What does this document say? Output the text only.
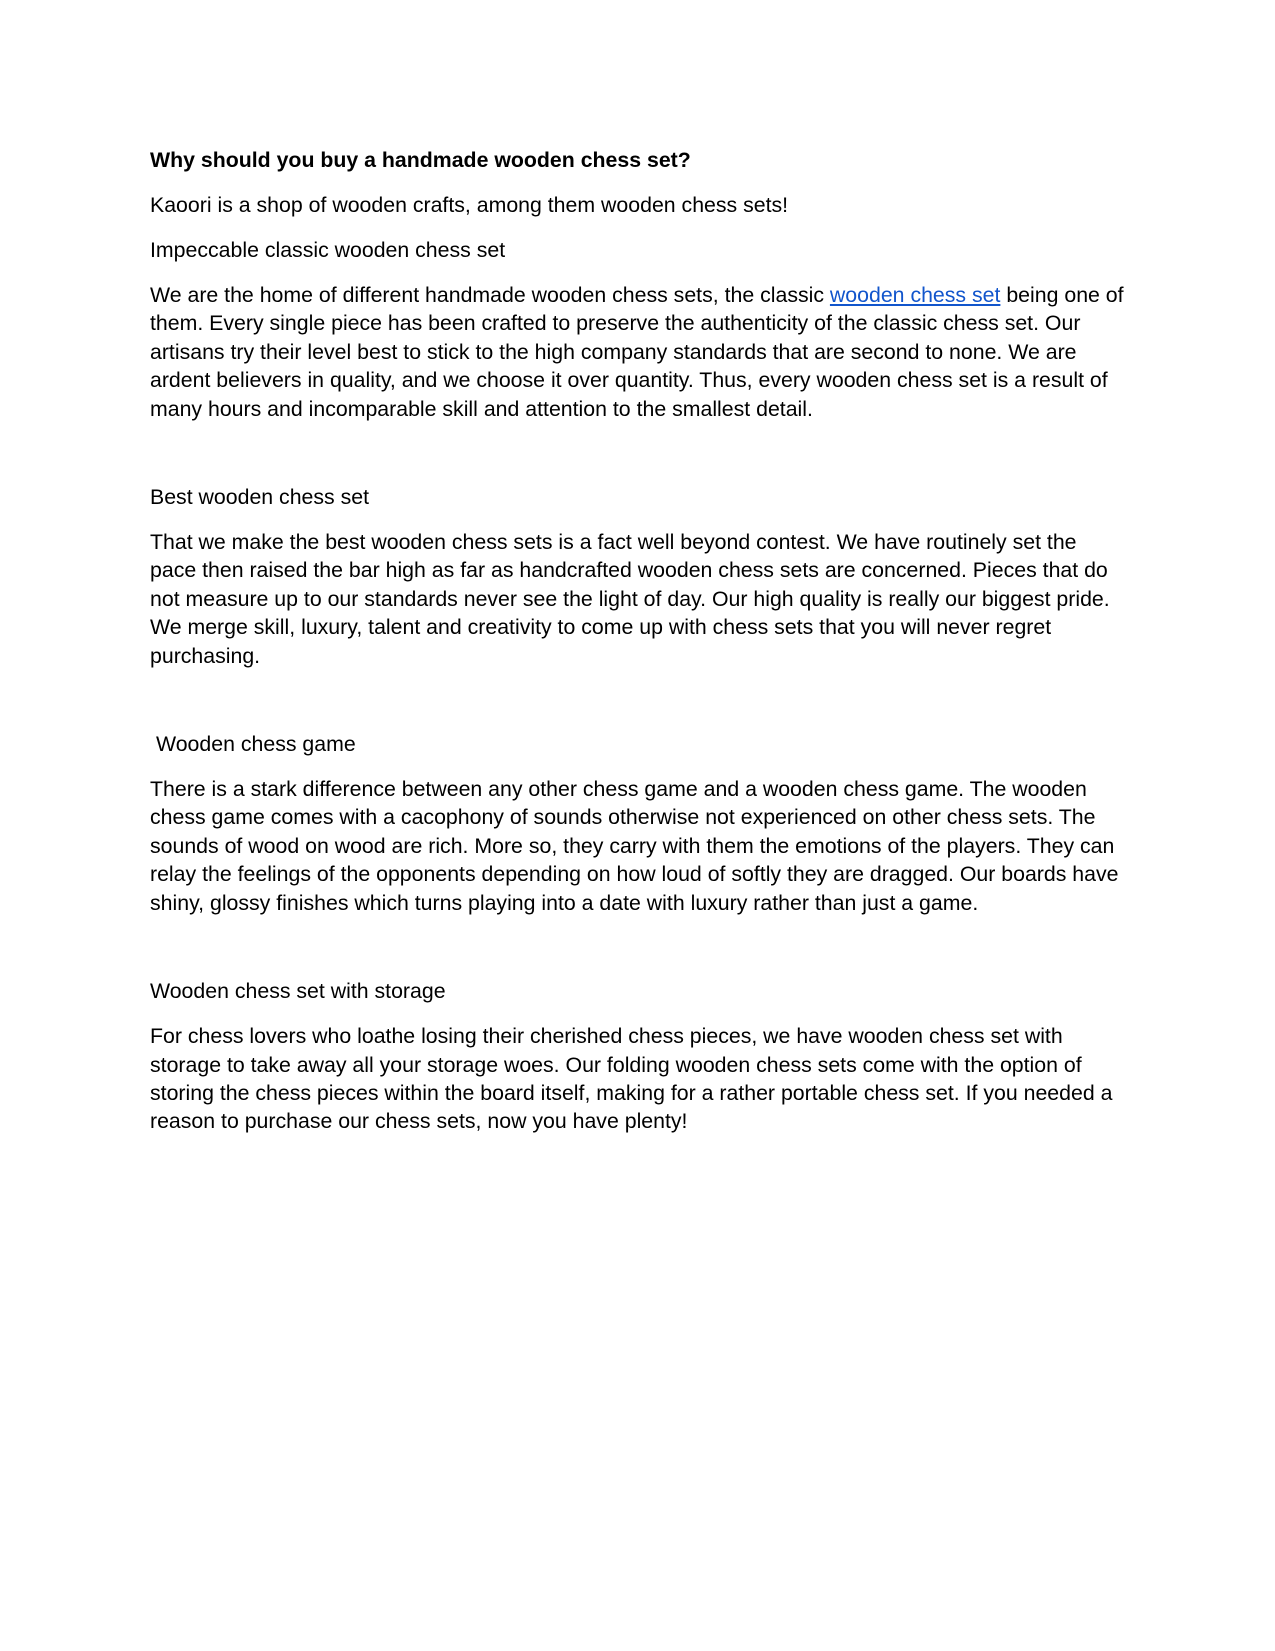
Why should you buy a handmade wooden chess set?
Kaoori is a shop of wooden crafts, among them wooden chess sets!
Impeccable classic wooden chess set

We are the home of different handmade wooden chess sets, the classic wooden chess set being one of them. Every single piece has been crafted to preserve the authenticity of the classic chess set. Our artisans try their level best to stick to the high company standards that are second to none. We are ardent believers in quality, and we choose it over quantity. Thus, every wooden chess set is a result of many hours and incomparable skill and attention to the smallest detail.

Best wooden chess set

That we make the best wooden chess sets is a fact well beyond contest. We have routinely set the pace then raised the bar high as far as handcrafted wooden chess sets are concerned. Pieces that do not measure up to our standards never see the light of day. Our high quality is really our biggest pride. We merge skill, luxury, talent and creativity to come up with chess sets that you will never regret purchasing.

Wooden chess game

There is a stark difference between any other chess game and a wooden chess game. The wooden chess game comes with a cacophony of sounds otherwise not experienced on other chess sets. The sounds of wood on wood are rich. More so, they carry with them the emotions of the players. They can relay the feelings of the opponents depending on how loud of softly they are dragged. Our boards have shiny, glossy finishes which turns playing into a date with luxury rather than just a game.

Wooden chess set with storage

For chess lovers who loathe losing their cherished chess pieces, we have wooden chess set with storage to take away all your storage woes. Our folding wooden chess sets come with the option of storing the chess pieces within the board itself, making for a rather portable chess set. If you needed a reason to purchase our chess sets, now you have plenty!
